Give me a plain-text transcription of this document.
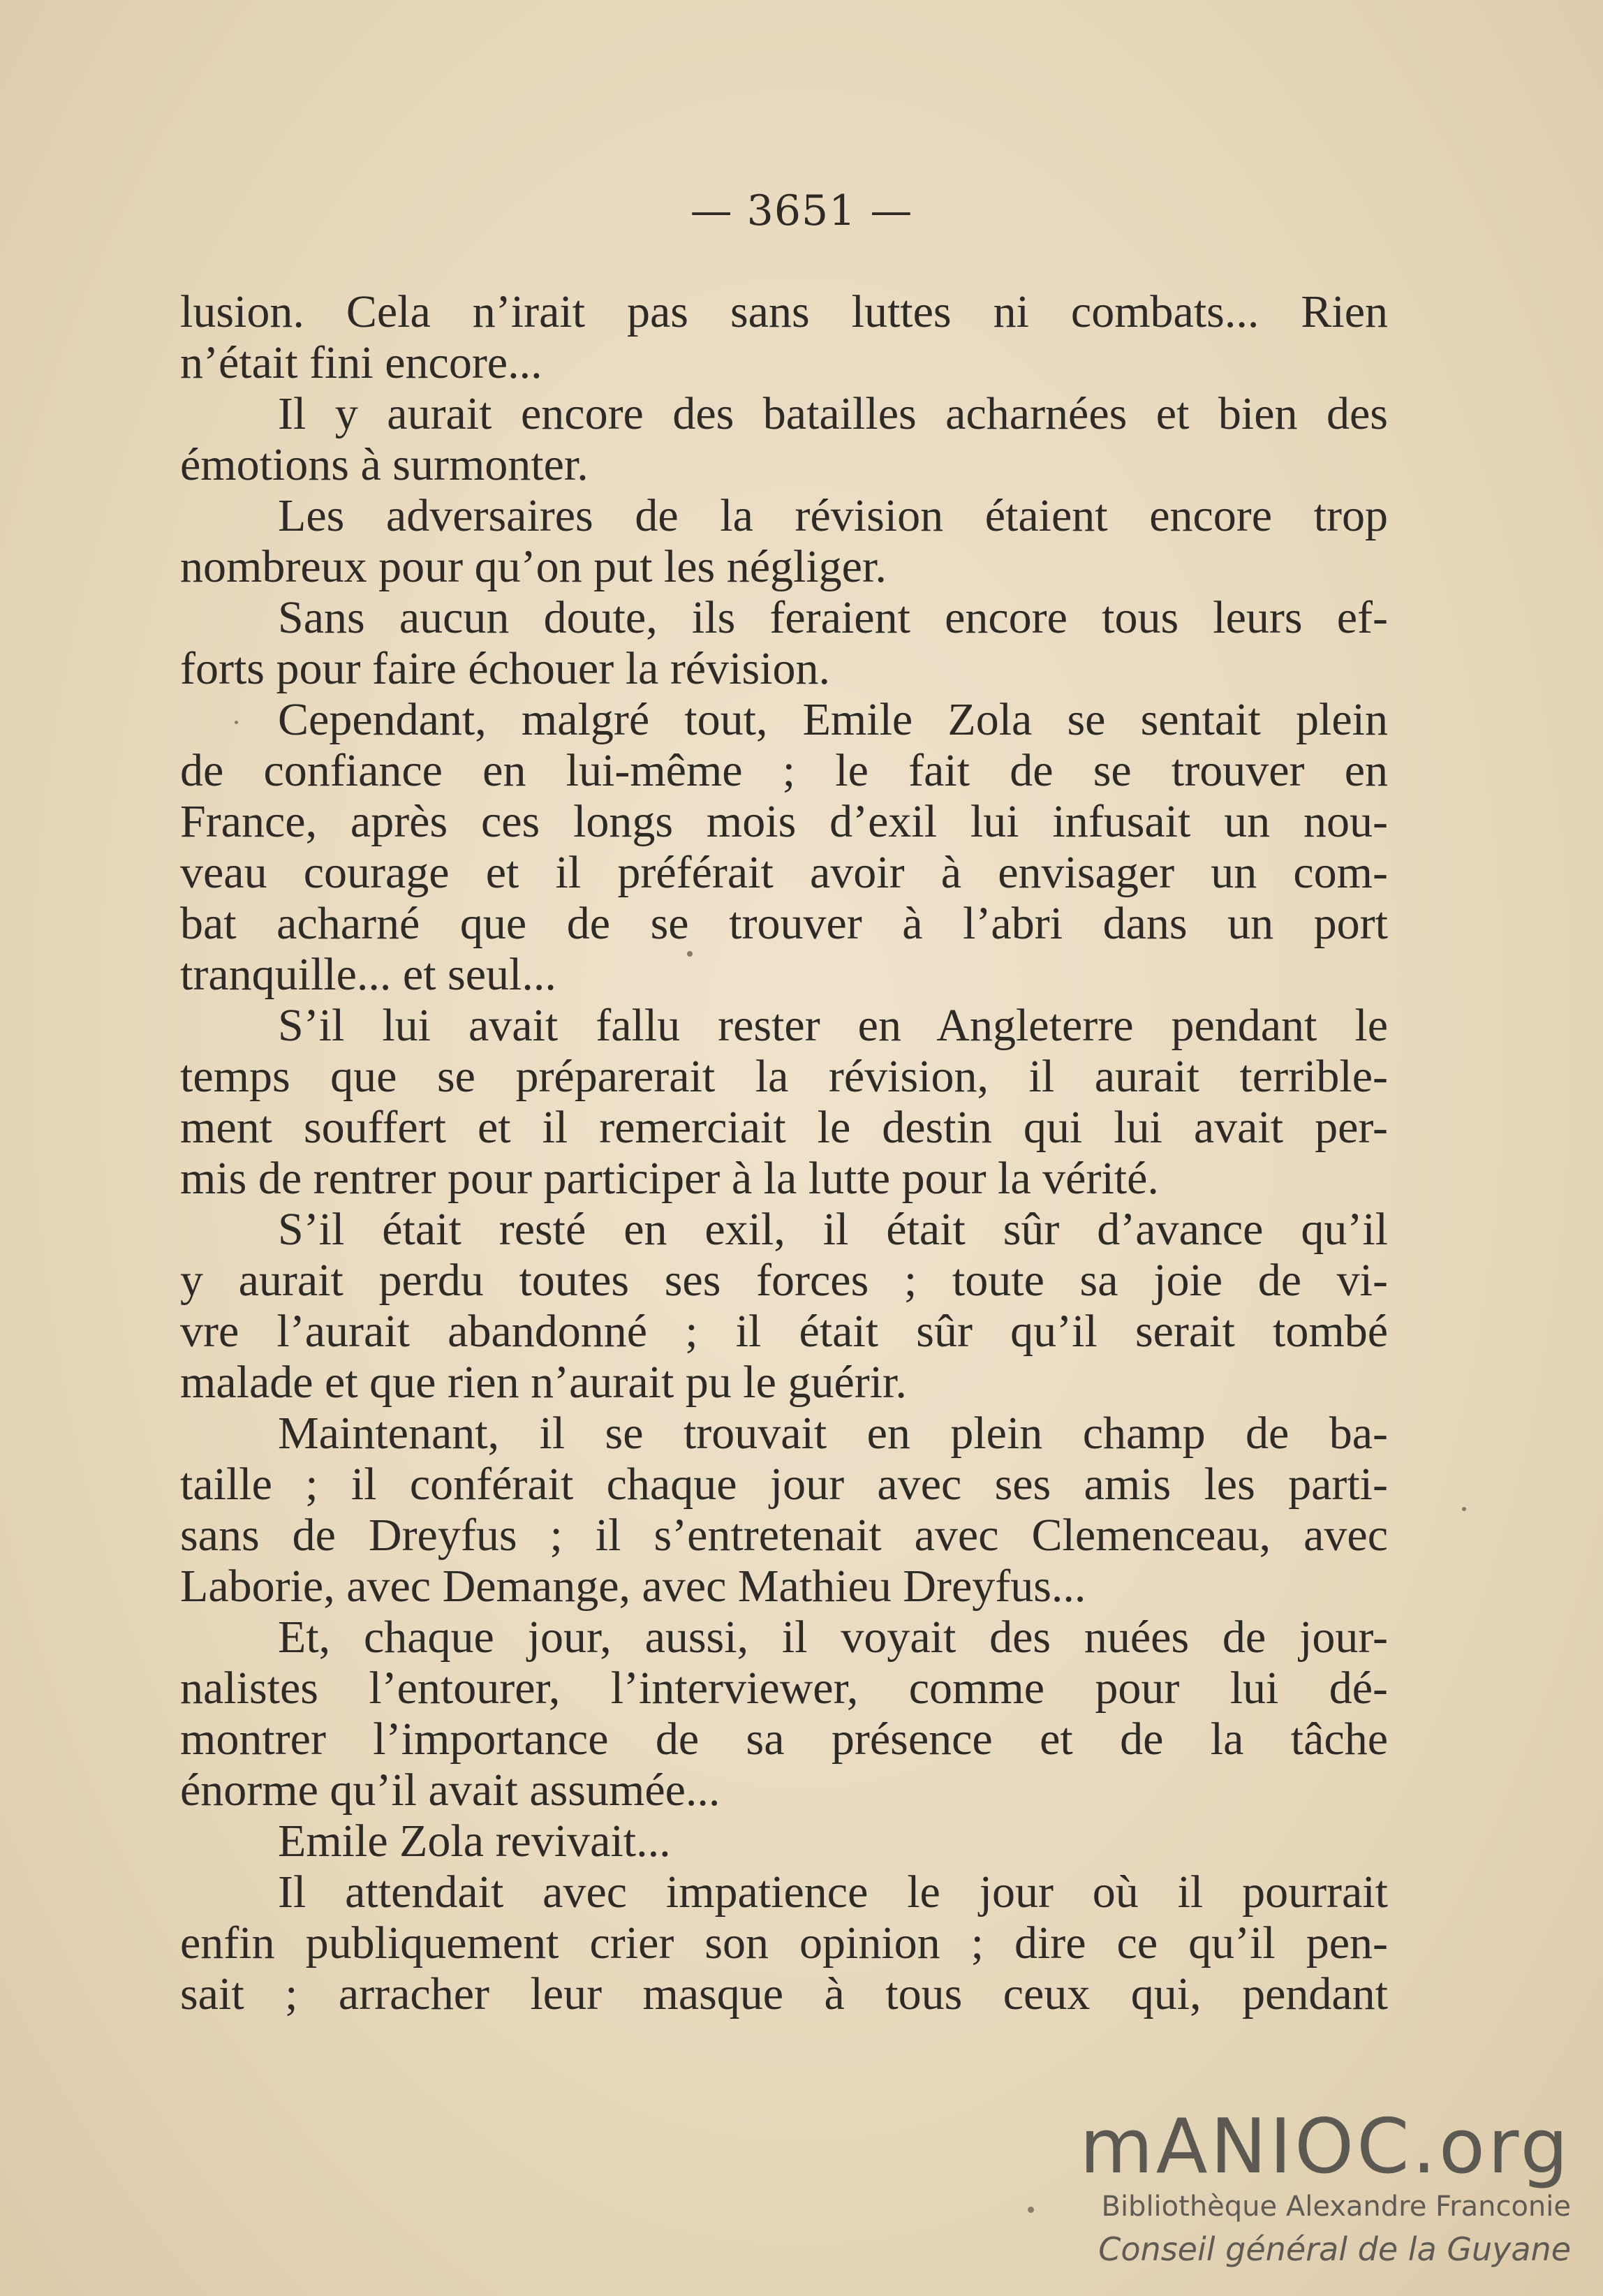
— 3651 —
lusion. Cela n’irait pas sans luttes ni combats... Rien
n’était fini encore...
Il y aurait encore des batailles acharnées et bien des
émotions à surmonter.
Les adversaires de la révision étaient encore trop
nombreux pour qu’on put les négliger.
Sans aucun doute, ils feraient encore tous leurs ef-
forts pour faire échouer la révision.
Cependant, malgré tout, Emile Zola se sentait plein
de confiance en lui-même ; le fait de se trouver en
France, après ces longs mois d’exil lui infusait un nou-
veau courage et il préférait avoir à envisager un com-
bat acharné que de se trouver à l’abri dans un port
tranquille... et seul...
S’il lui avait fallu rester en Angleterre pendant le
temps que se préparerait la révision, il aurait terrible-
ment souffert et il remerciait le destin qui lui avait per-
mis de rentrer pour participer à la lutte pour la vérité.
S’il était resté en exil, il était sûr d’avance qu’il
y aurait perdu toutes ses forces ; toute sa joie de vi-
vre l’aurait abandonné ; il était sûr qu’il serait tombé
malade et que rien n’aurait pu le guérir.
Maintenant, il se trouvait en plein champ de ba-
taille ; il conférait chaque jour avec ses amis les parti-
sans de Dreyfus ; il s’entretenait avec Clemenceau, avec
Laborie, avec Demange, avec Mathieu Dreyfus...
Et, chaque jour, aussi, il voyait des nuées de jour-
nalistes l’entourer, l’interviewer, comme pour lui dé-
montrer l’importance de sa présence et de la tâche
énorme qu’il avait assumée...
Emile Zola revivait...
Il attendait avec impatience le jour où il pourrait
enfin publiquement crier son opinion ; dire ce qu’il pen-
sait ; arracher leur masque à tous ceux qui, pendant
mANIOC.org
Bibliothèque Alexandre Franconie
Conseil général de la Guyane
